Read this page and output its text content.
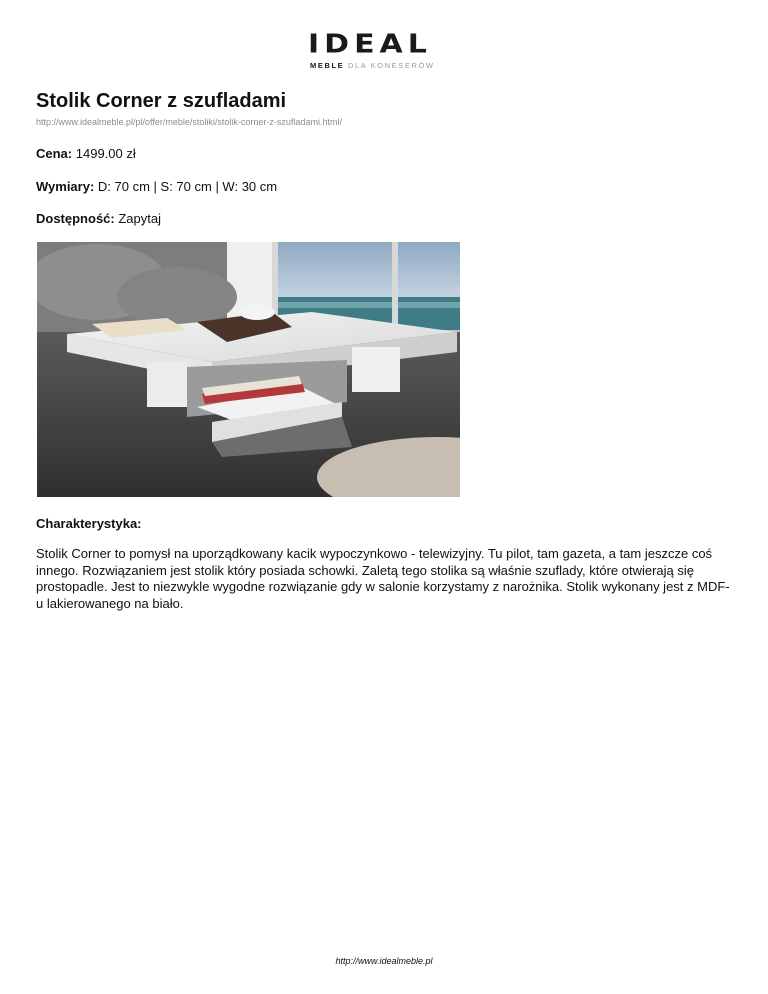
IDEAL
MEBLE DLA KONESERÓW
Stolik Corner z szufladami
http://www.idealmeble.pl/pl/offer/meble/stoliki/stolik-corner-z-szufladami.html/
Cena: 1499.00 zł
Wymiary: D: 70 cm | S: 70 cm | W: 30 cm
Dostępność: Zapytaj
Charakterystyka:

Stolik Corner to pomysł na uporządkowany kacik wypoczynkowo - telewizyjny. Tu pilot, tam gazeta, a tam jeszcze coś innego. Rozwiązaniem jest stolik który posiada schowki. Zaletą tego stolika są właśnie szuflady, które otwierają się prostopadle. Jest to niezwykle wygodne rozwiązanie gdy w salonie korzystamy z narożnika. Stolik wykonany jest z MDF-u lakierowanego na biało.

http://www.idealmeble.pl
